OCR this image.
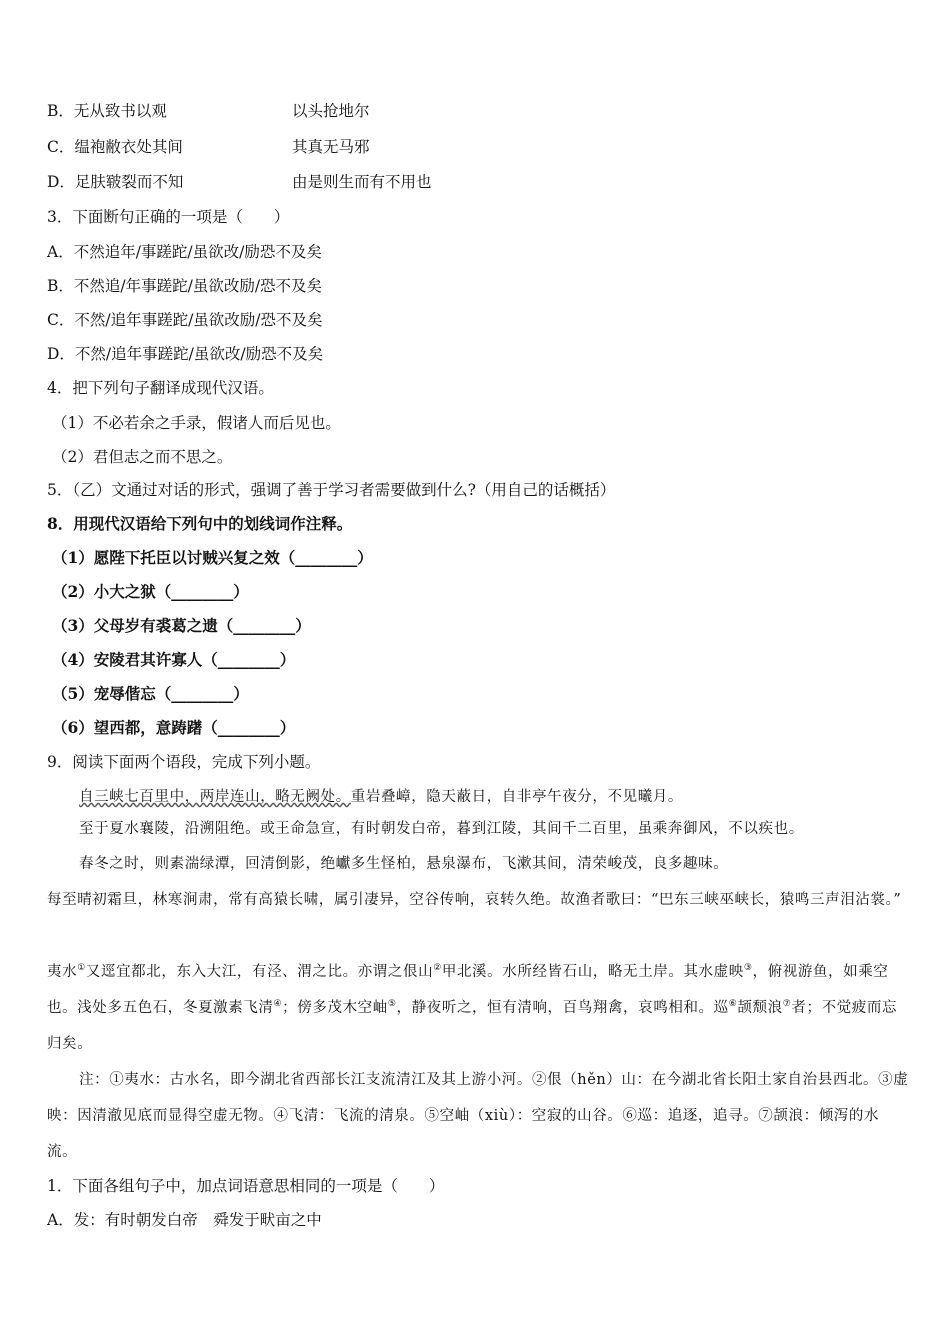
B．无从致书以观	以头抢地尔
C．缊袍敝衣处其间	其真无马邪
D．足肤皲裂而不知	由是则生而有不用也
3．下面断句正确的一项是（　　）
A．不然追年/事蹉跎/虽欲改/励恐不及矣
B．不然追/年事蹉跎/虽欲改励/恐不及矣
C．不然/追年事蹉跎/虽欲改励/恐不及矣
D．不然/追年事蹉跎/虽欲改/励恐不及矣
4．把下列句子翻译成现代汉语。
（1）不必若余之手录，假诸人而后见也。
（2）君但志之而不思之。
5．（乙）文通过对话的形式，强调了善于学习者需要做到什么?（用自己的话概括）
8．用现代汉语给下列句中的划线词作注释。
（1）愿陛下托臣以讨贼兴复之效（________）
（2）小大之狱（________）
（3）父母岁有裘葛之遗（________）
（4）安陵君其许寡人（________）
（5）宠辱偕忘（________）
（6）望西都，意踌躇（________）
9．阅读下面两个语段，完成下列小题。
自三峡七百里中，两岸连山，略无阙处。重岩叠嶂，隐天蔽日，自非亭午夜分，不见曦月。
至于夏水襄陵，沿溯阻绝。或王命急宣，有时朝发白帝，暮到江陵，其间千二百里，虽乘奔御风，不以疾也。
春冬之时，则素湍绿潭，回清倒影，绝巘多生怪柏，悬泉瀑布，飞漱其间，清荣峻茂，良多趣味。
每至晴初霜旦，林寒涧肃，常有高猿长啸，属引凄异，空谷传响，哀转久绝。故渔者歌曰：“巴东三峡巫峡长，猿鸣三声泪沾裳。”
夷水①又逕宜都北，东入大江，有泾、渭之比。亦谓之佷山②甲北溪。水所经皆石山，略无土岸。其水虚映③，俯视游鱼，如乘空也。浅处多五色石，冬夏激素飞清④；傍多茂木空岫⑤，静夜听之，恒有清响，百鸟翔禽，哀鸣相和。巡⑥颉颓浪⑦者；不觉疲而忘归矣。
注：①夷水：古水名，即今湖北省西部长江支流清江及其上游小河。②佷（hěn）山：在今湖北省长阳土家自治县西北。③虚映：因清澈见底而显得空虚无物。④飞清：飞流的清泉。⑤空岫（xiù）：空寂的山谷。⑥巡：追逐，追寻。⑦颉浪：倾泻的水流。
1．下面各组句子中，加点词语意思相同的一项是（　　）
A．发：有时朝发白帝　舜发于畎亩之中
